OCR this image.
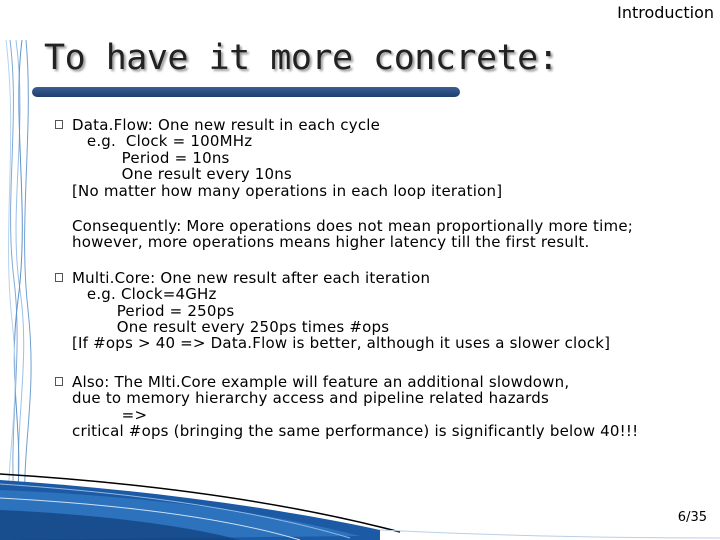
Introduction
To have it more concrete:
Data.Flow: One new result in each cycle
e.g.  Clock = 100MHz
Period = 10ns
One result every 10ns
[No matter how many operations in each loop iteration]
Consequently: More operations does not mean proportionally more time;
however, more operations means higher latency till the first result.
Multi.Core: One new result after each iteration
e.g. Clock=4GHz
Period = 250ps
One result every 250ps times #ops
[If #ops > 40 => Data.Flow is better, although it uses a slower clock]
Also: The Mlti.Core example will feature an additional slowdown,
due to memory hierarchy access and pipeline related hazards
=>
critical #ops (bringing the same performance) is significantly below 40!!!
6/35
